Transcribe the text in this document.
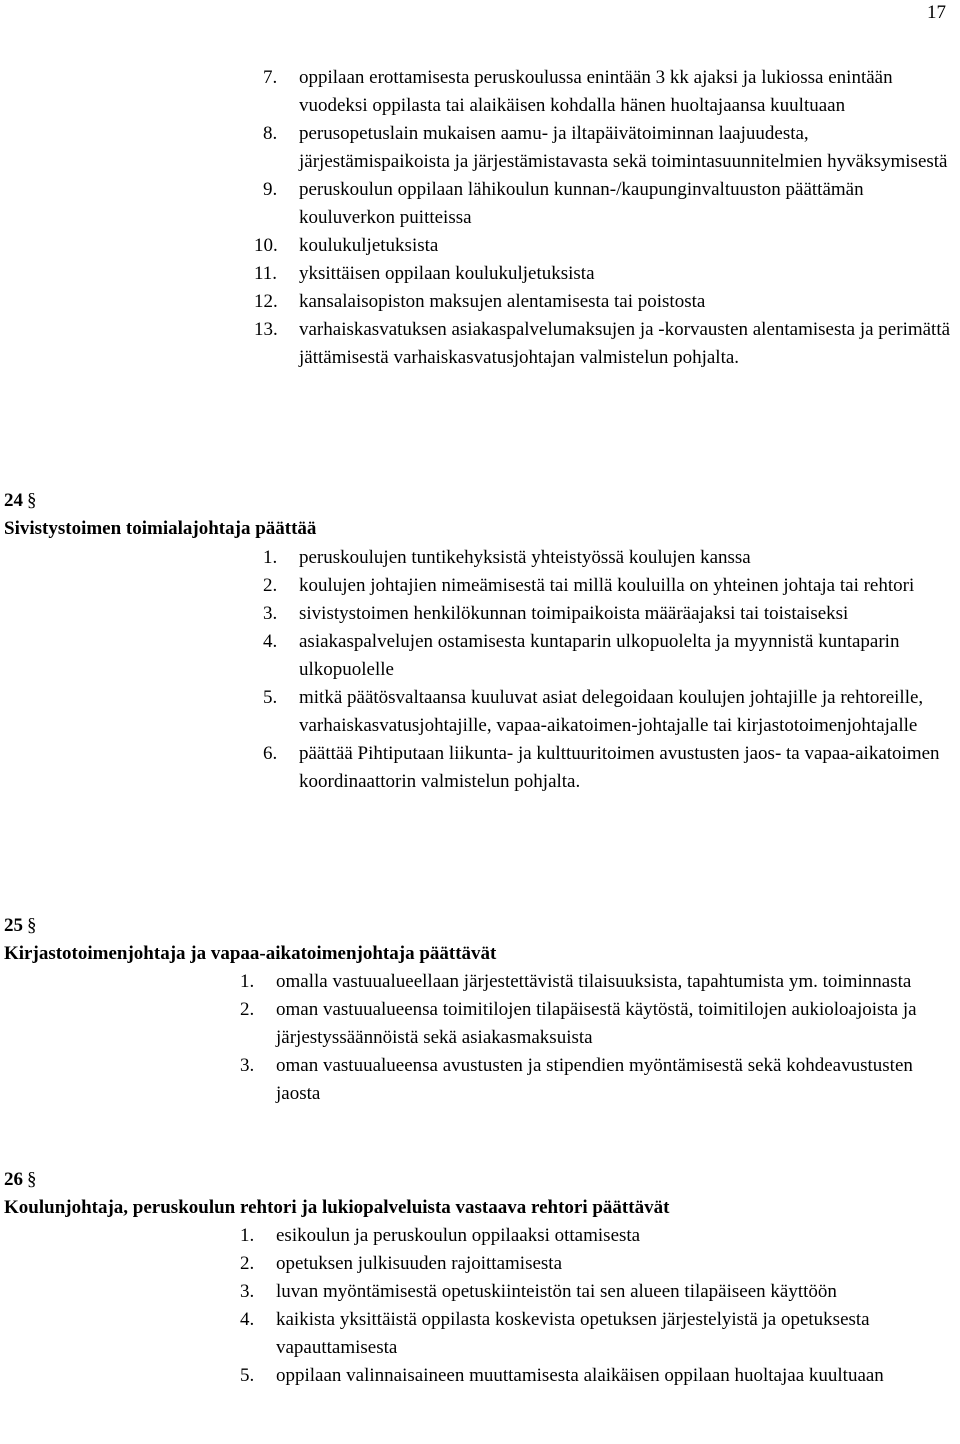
17
7. oppilaan erottamisesta peruskoulussa enintään 3 kk ajaksi ja lukiossa enintään vuodeksi oppilasta tai alaikäisen kohdalla hänen huoltajaansa kuultuaan
8. perusopetuslain mukaisen aamu- ja iltapäivätoiminnan laajuudesta, järjestämispaikoista ja järjestämistavasta sekä toimintasuunnitelmien hyväksymisestä
9. peruskoulun oppilaan lähikoulun kunnan-/kaupunginvaltuuston päättämän kouluverkon puitteissa
10. koulukuljetuksista
11. yksittäisen oppilaan koulukuljetuksista
12. kansalaisopiston maksujen alentamisesta tai poistosta
13. varhaiskasvatuksen asiakaspalvelumaksujen ja -korvausten alentamisesta ja perimättä jättämisestä varhaiskasvatusjohtajan valmistelun pohjalta.
24 §
Sivistystoimen toimialajohtaja päättää
1. peruskoulujen tuntikehyksistä yhteistyössä koulujen kanssa
2. koulujen johtajien nimeämisestä tai millä kouluilla on yhteinen johtaja tai rehtori
3. sivistystoimen henkilökunnan toimipaikoista määräajaksi tai toistaiseksi
4. asiakaspalvelujen ostamisesta kuntaparin ulkopuolelta ja myynnistä kuntaparin ulkopuolelle
5. mitkä päätösvaltaansa kuuluvat asiat delegoidaan koulujen johtajille ja rehtoreille, varhaiskasvatusjohtajille, vapaa-aikatoimen-johtajalle tai kirjastotoimenjohtajalle
6. päättää Pihtiputaan liikunta- ja kulttuuritoimen avustusten jaos- ta vapaa-aikatoimen koordinaattorin valmistelun pohjalta.
25 §
Kirjastotoimenjohtaja ja vapaa-aikatoimenjohtaja päättävät
1. omalla vastuualueellaan järjestettävistä tilaisuuksista, tapahtumista ym. toiminnasta
2. oman vastuualueensa toimitilojen tilapäisestä käytöstä, toimitilojen aukioloajoista ja järjestyssäännöistä sekä asiakasmaksuista
3. oman vastuualueensa avustusten ja stipendien myöntämisestä sekä kohdeavustusten jaosta
26 §
Koulunjohtaja, peruskoulun rehtori ja lukiopalveluista vastaava rehtori päättävät
1. esikoulun ja peruskoulun oppilaaksi ottamisesta
2. opetuksen julkisuuden rajoittamisesta
3. luvan myöntämisestä opetuskiinteistön tai sen alueen tilapäiseen käyttöön
4. kaikista yksittäistä oppilasta koskevista opetuksen järjestelyistä ja opetuksesta vapauttamisesta
5. oppilaan valinnaisaineen muuttamisesta alaikäisen oppilaan huoltajaa kuultuaan
